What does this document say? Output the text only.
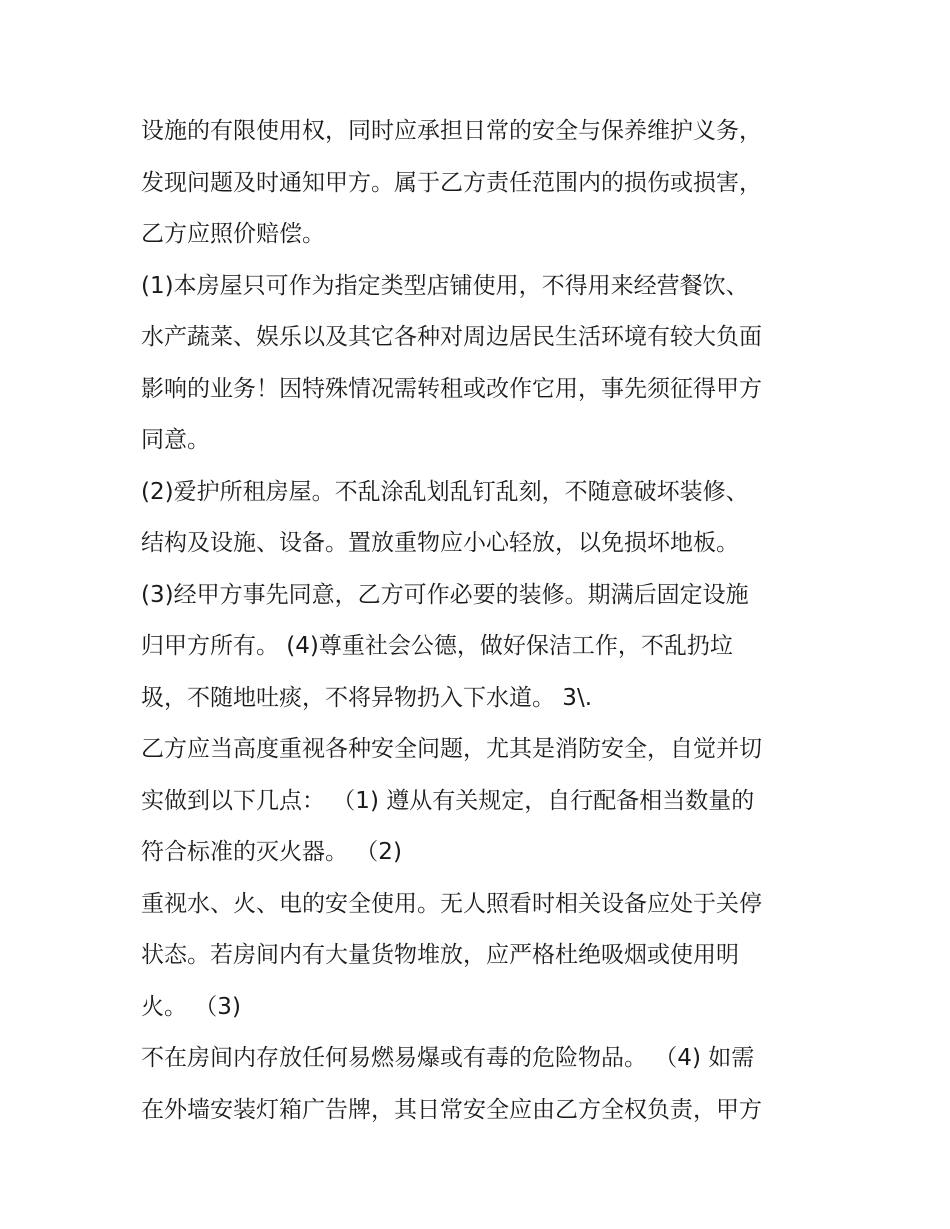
设施的有限使用权，同时应承担日常的安全与保养维护义务，
发现问题及时通知甲方。属于乙方责任范围内的损伤或损害，
乙方应照价赔偿。
(1)本房屋只可作为指定类型店铺使用，不得用来经营餐饮、
水产蔬菜、娱乐以及其它各种对周边居民生活环境有较大负面
影响的业务！因特殊情况需转租或改作它用，事先须征得甲方
同意。
(2)爱护所租房屋。不乱涂乱划乱钉乱刻，不随意破坏装修、
结构及设施、设备。置放重物应小心轻放，以免损坏地板。
(3)经甲方事先同意，乙方可作必要的装修。期满后固定设施
归甲方所有。 (4)尊重社会公德，做好保洁工作，不乱扔垃
圾，不随地吐痰，不将异物扔入下水道。 3\.
乙方应当高度重视各种安全问题，尤其是消防安全，自觉并切
实做到以下几点： （1) 遵从有关规定，自行配备相当数量的
符合标准的灭火器。 （2)
重视水、火、电的安全使用。无人照看时相关设备应处于关停
状态。若房间内有大量货物堆放，应严格杜绝吸烟或使用明
火。 （3)
不在房间内存放任何易燃易爆或有毒的危险物品。 （4) 如需
在外墙安装灯箱广告牌，其日常安全应由乙方全权负责，甲方
